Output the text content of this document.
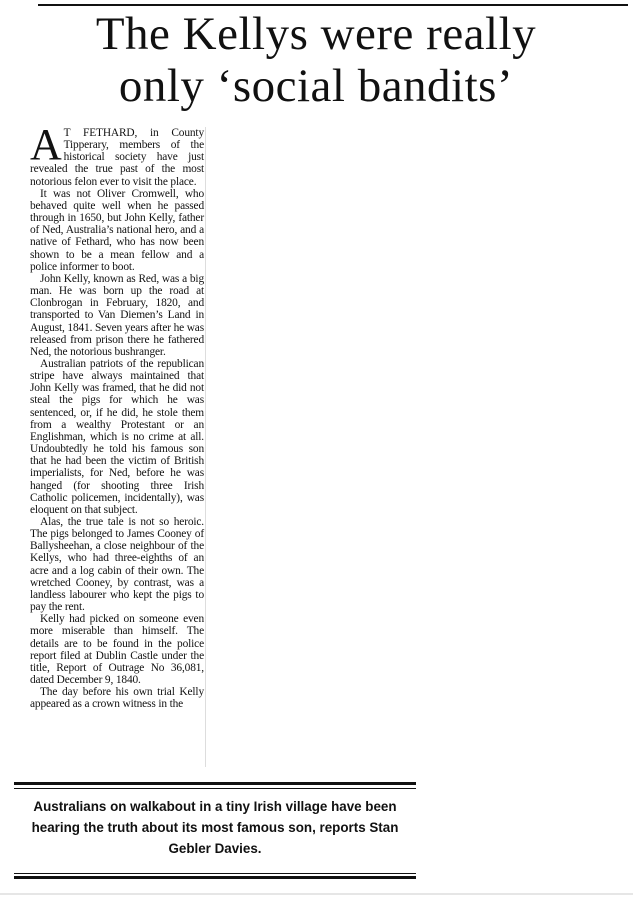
The Kellys were really
only ‘social bandits’

A T FETHARD, in County Tipperary, members of the historical society have just revealed the true past of the most notorious felon ever to visit the place.

It was not Oliver Cromwell, who behaved quite well when he passed through in 1650, but John Kelly, father of Ned, Australia’s national hero, and a native of Fethard, who has now been shown to be a mean fellow and a police informer to boot.

John Kelly, known as Red, was a big man. He was born up the road at Clonbrogan in February, 1820, and transported to Van Diemen’s Land in August, 1841. Seven years after he was released from prison there he fathered Ned, the notorious bushranger.

Australian patriots of the republican stripe have always maintained that John Kelly was framed, that he did not steal the pigs for which he was sentenced, or, if he did, he stole them from a wealthy Protestant or an Englishman, which is no crime at all. Undoubtedly he told his famous son that he had been the victim of British imperialists, for Ned, before he was hanged (for shooting three Irish Catholic policemen, incidentally), was eloquent on that subject.

Alas, the true tale is not so heroic. The pigs belonged to James Cooney of Ballysheehan, a close neighbour of the Kellys, who had three-eighths of an acre and a log cabin of their own. The wretched Cooney, by contrast, was a landless labourer who kept the pigs to pay the rent.

Kelly had picked on someone even more miserable than himself. The details are to be found in the police report filed at Dublin Castle under the title, Report of Outrage No 36,081, dated December 9, 1840.

The day before his own trial Kelly appeared as a crown witness in the

Australians on walkabout in a tiny Irish village have been hearing the truth about its most famous son, reports Stan Gebler Davies.
